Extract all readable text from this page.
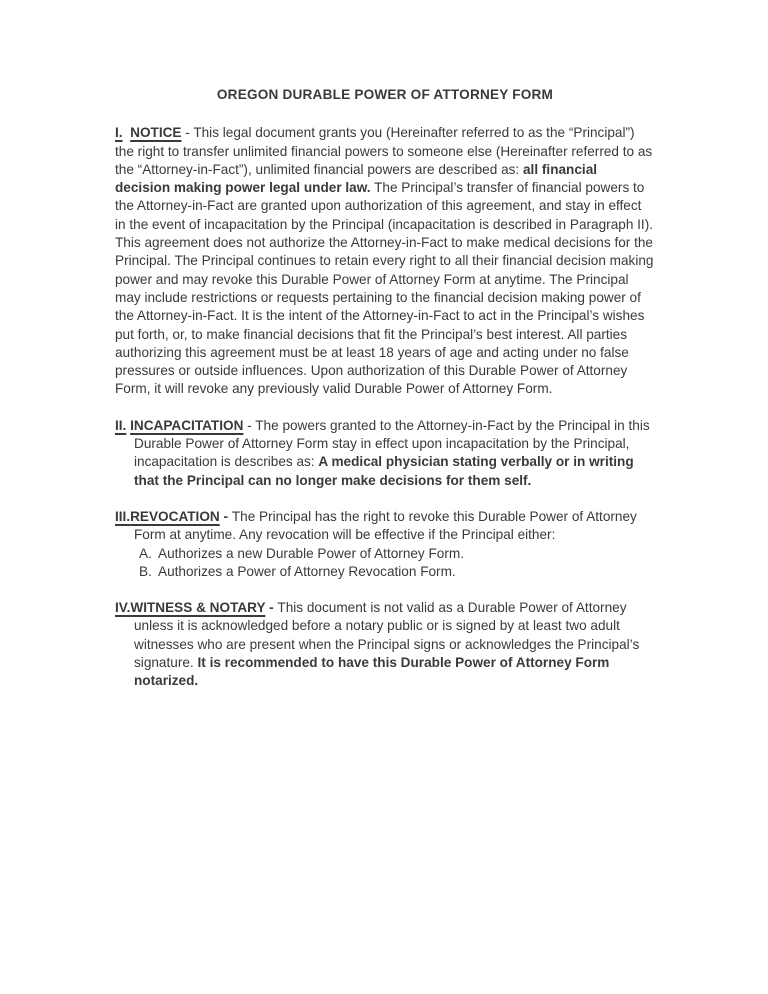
OREGON DURABLE POWER OF ATTORNEY FORM
I. NOTICE - This legal document grants you (Hereinafter referred to as the “Principal”) the right to transfer unlimited financial powers to someone else (Hereinafter referred to as the “Attorney-in-Fact”), unlimited financial powers are described as: all financial decision making power legal under law. The Principal’s transfer of financial powers to the Attorney-in-Fact are granted upon authorization of this agreement, and stay in effect in the event of incapacitation by the Principal (incapacitation is described in Paragraph II). This agreement does not authorize the Attorney-in-Fact to make medical decisions for the Principal. The Principal continues to retain every right to all their financial decision making power and may revoke this Durable Power of Attorney Form at anytime. The Principal may include restrictions or requests pertaining to the financial decision making power of the Attorney-in-Fact. It is the intent of the Attorney-in-Fact to act in the Principal’s wishes put forth, or, to make financial decisions that fit the Principal’s best interest. All parties authorizing this agreement must be at least 18 years of age and acting under no false pressures or outside influences. Upon authorization of this Durable Power of Attorney Form, it will revoke any previously valid Durable Power of Attorney Form.
II. INCAPACITATION - The powers granted to the Attorney-in-Fact by the Principal in this Durable Power of Attorney Form stay in effect upon incapacitation by the Principal, incapacitation is describes as: A medical physician stating verbally or in writing that the Principal can no longer make decisions for them self.
III.REVOCATION - The Principal has the right to revoke this Durable Power of Attorney Form at anytime. Any revocation will be effective if the Principal either:
A. Authorizes a new Durable Power of Attorney Form.
B. Authorizes a Power of Attorney Revocation Form.
IV.WITNESS & NOTARY - This document is not valid as a Durable Power of Attorney unless it is acknowledged before a notary public or is signed by at least two adult witnesses who are present when the Principal signs or acknowledges the Principal’s signature. It is recommended to have this Durable Power of Attorney Form notarized.
